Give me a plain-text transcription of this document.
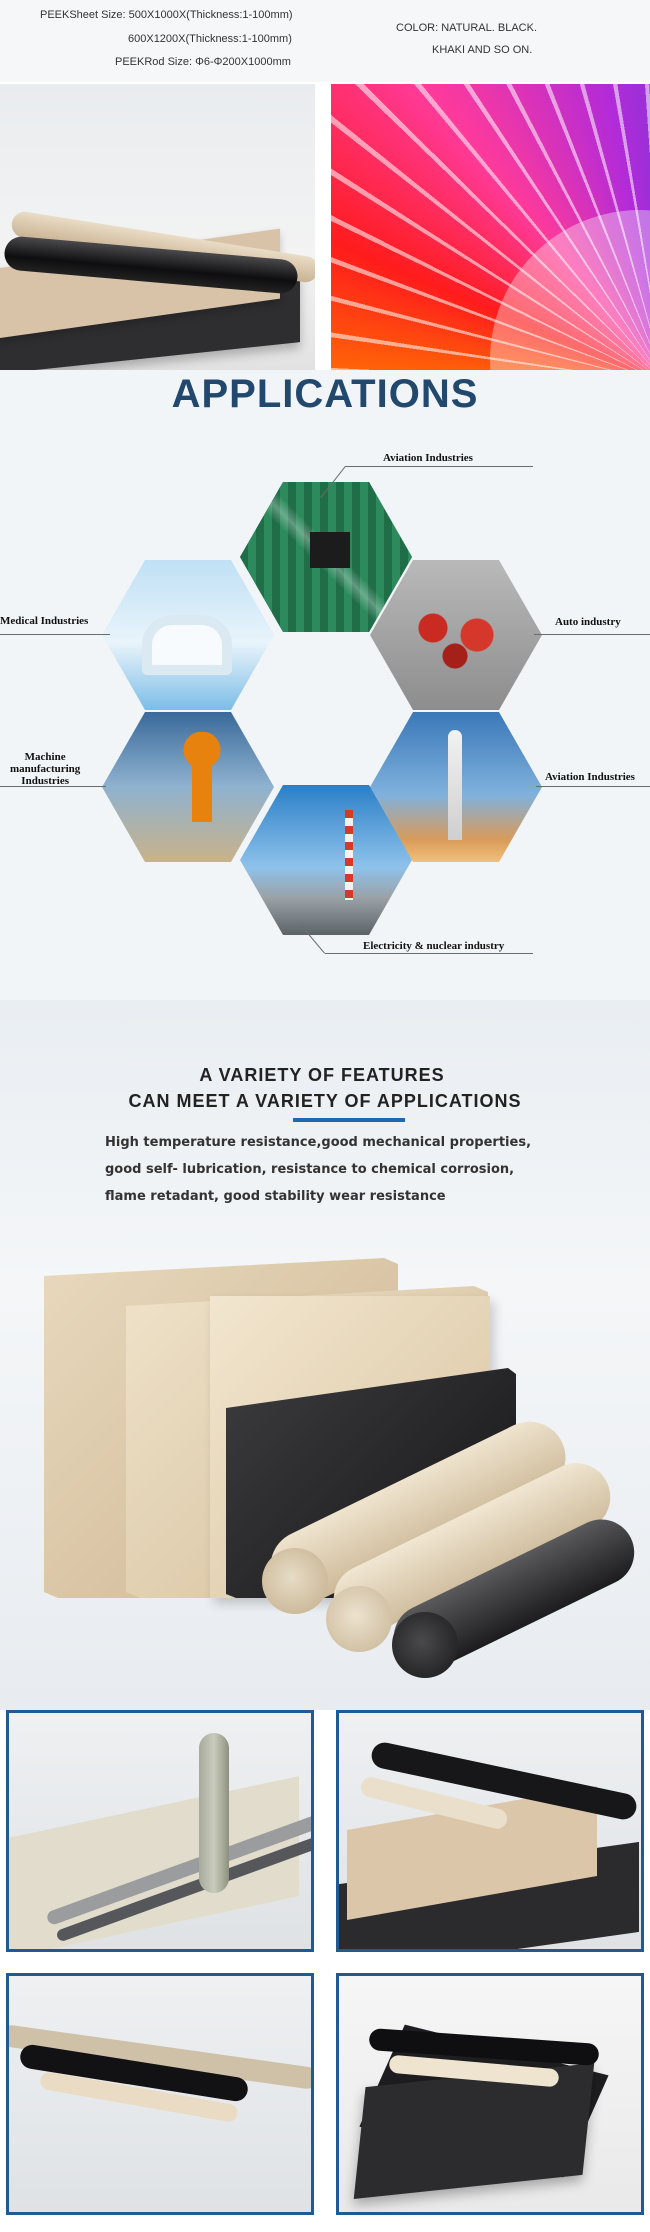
PEEKSheet Size: 500X1000X(Thickness:1-100mm)
600X1200X(Thickness:1-100mm)
PEEKRod Size: Φ6-Φ200X1000mm
COLOR: NATURAL. BLACK.
KHAKI AND SO ON.
APPLICATIONS
Aviation Industries
Medical Industries	Auto industry
Machine
manufacturing
Industries	Aviation Industries
Electricity & nuclear industry
A VARIETY OF FEATURES
CAN MEET A VARIETY OF APPLICATIONS
High temperature resistance,good mechanical properties,
good self- lubrication, resistance to chemical corrosion,
flame retadant, good stability wear resistance
